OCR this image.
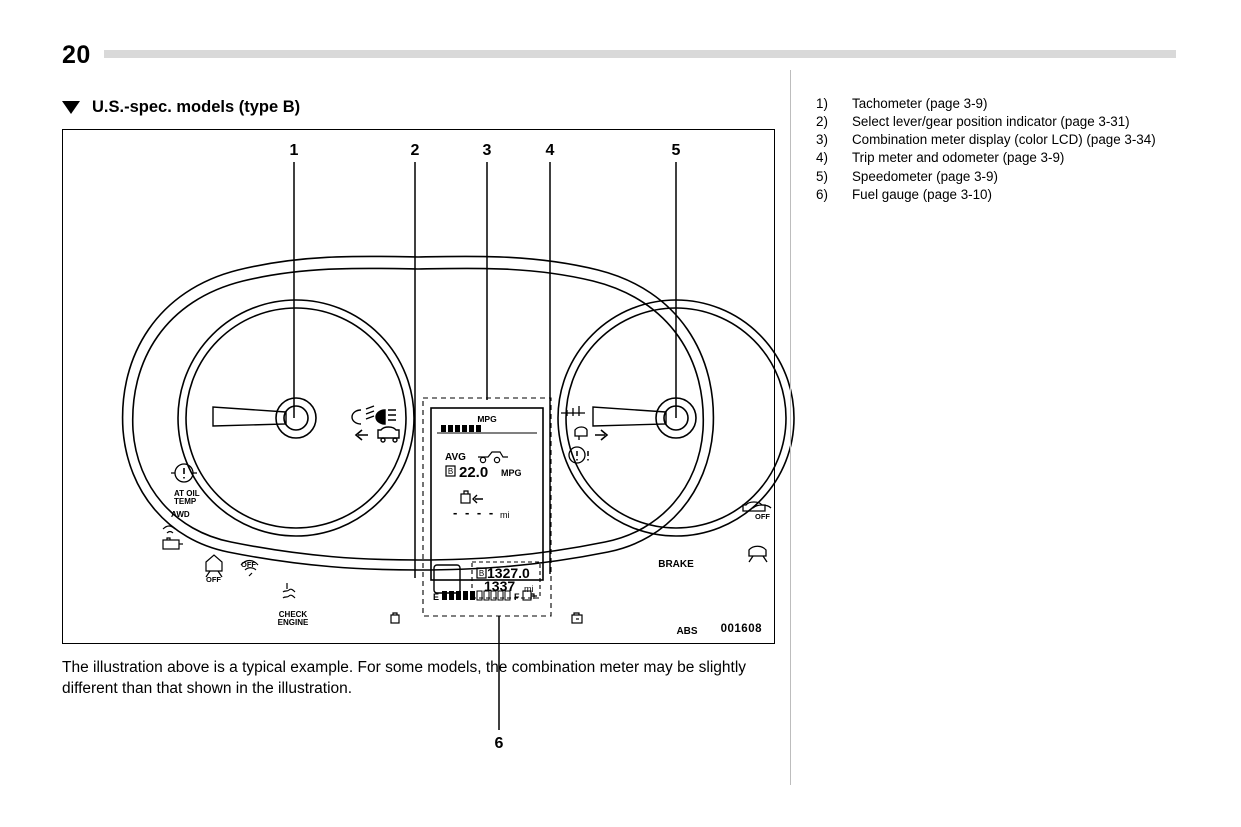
20
U.S.-spec. models (type B)
MPG
AVG
B 22.0 MPG
- - - - mi
B 1327.0
1337 mi
E	F
AT OIL
TEMP
AWD
OFF
OFF
CHECK
ENGINE
OFF
BRAKE
ABS
1	2	3	4	5
6
001608
The illustration above is a typical example. For some models, the combination meter may be slightly different than that shown in the illustration.
1)	Tachometer (page 3-9)
2)	Select lever/gear position indicator (page 3-31)
3)	Combination meter display (color LCD) (page 3-34)
4)	Trip meter and odometer (page 3-9)
5)	Speedometer (page 3-9)
6)	Fuel gauge (page 3-10)
